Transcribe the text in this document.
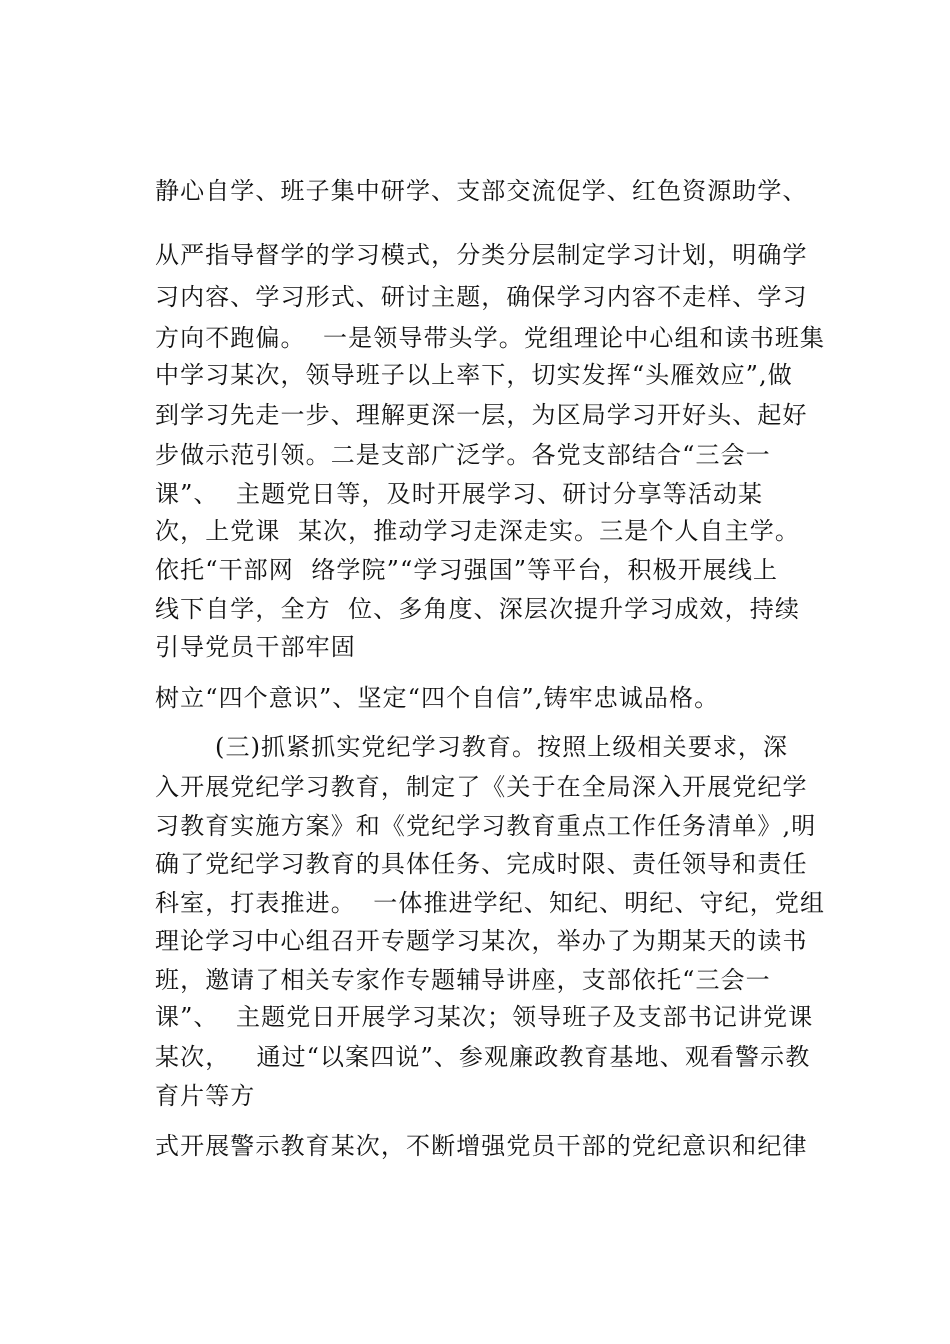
静心自学、班子集中研学、支部交流促学、红色资源助学、
从严指导督学的学习模式，分类分层制定学习计划，明确学
习内容、学习形式、研讨主题，确保学习内容不走样、学习
方向不跑偏。  一是领导带头学。党组理论中心组和读书班集
中学习某次，领导班子以上率下，切实发挥“头雁效应”,做
到学习先走一步、理解更深一层，为区局学习开好头、起好
步做示范引领。二是支部广泛学。各党支部结合“三会一
课”、  主题党日等，及时开展学习、研讨分享等活动某
次，上党课  某次，推动学习走深走实。三是个人自主学。
依托“干部网  络学院”“学习强国”等平台，积极开展线上
线下自学，全方  位、多角度、深层次提升学习成效，持续
引导党员干部牢固
树立“四个意识”、坚定“四个自信”,铸牢忠诚品格。
(三)抓紧抓实党纪学习教育。按照上级相关要求，深
入开展党纪学习教育，制定了《关于在全局深入开展党纪学
习教育实施方案》和《党纪学习教育重点工作任务清单》,明
确了党纪学习教育的具体任务、完成时限、责任领导和责任
科室，打表推进。  一体推进学纪、知纪、明纪、守纪，党组
理论学习中心组召开专题学习某次，举办了为期某天的读书
班，邀请了相关专家作专题辅导讲座，支部依托“三会一
课”、  主题党日开展学习某次；领导班子及支部书记讲党课
某次，   通过“以案四说”、参观廉政教育基地、观看警示教
育片等方
式开展警示教育某次，不断增强党员干部的党纪意识和纪律
